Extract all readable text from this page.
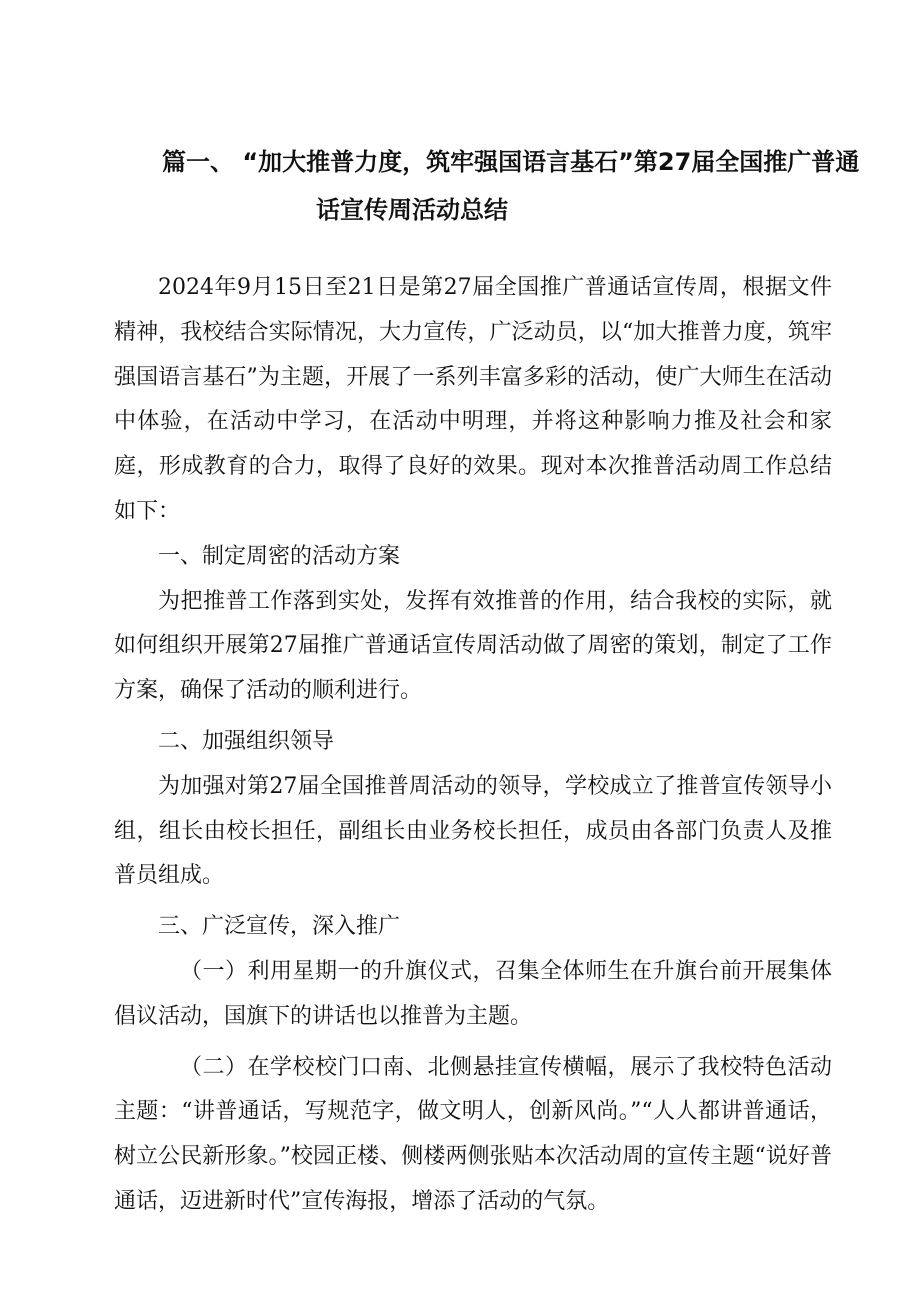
篇一、 “加大推普力度，筑牢强国语言基石”第27届全国推广普通
话宣传周活动总结

2024年9月15日至21日是第27届全国推广普通话宣传周，根据文件精神，我校结合实际情况，大力宣传，广泛动员，以“加大推普力度，筑牢强国语言基石”为主题，开展了一系列丰富多彩的活动，使广大师生在活动中体验，在活动中学习，在活动中明理，并将这种影响力推及社会和家庭，形成教育的合力，取得了良好的效果。现对本次推普活动周工作总结如下：

一、制定周密的活动方案

为把推普工作落到实处，发挥有效推普的作用，结合我校的实际，就如何组织开展第27届推广普通话宣传周活动做了周密的策划，制定了工作方案，确保了活动的顺利进行。

二、加强组织领导

为加强对第27届全国推普周活动的领导，学校成立了推普宣传领导小组，组长由校长担任，副组长由业务校长担任，成员由各部门负责人及推普员组成。

三、广泛宣传，深入推广

（一）利用星期一的升旗仪式，召集全体师生在升旗台前开展集体倡议活动，国旗下的讲话也以推普为主题。

（二）在学校校门口南、北侧悬挂宣传横幅，展示了我校特色活动主题：“讲普通话，写规范字，做文明人，创新风尚。”“人人都讲普通话，树立公民新形象。”校园正楼、侧楼两侧张贴本次活动周的宣传主题“说好普通话，迈进新时代”宣传海报，增添了活动的气氛。
